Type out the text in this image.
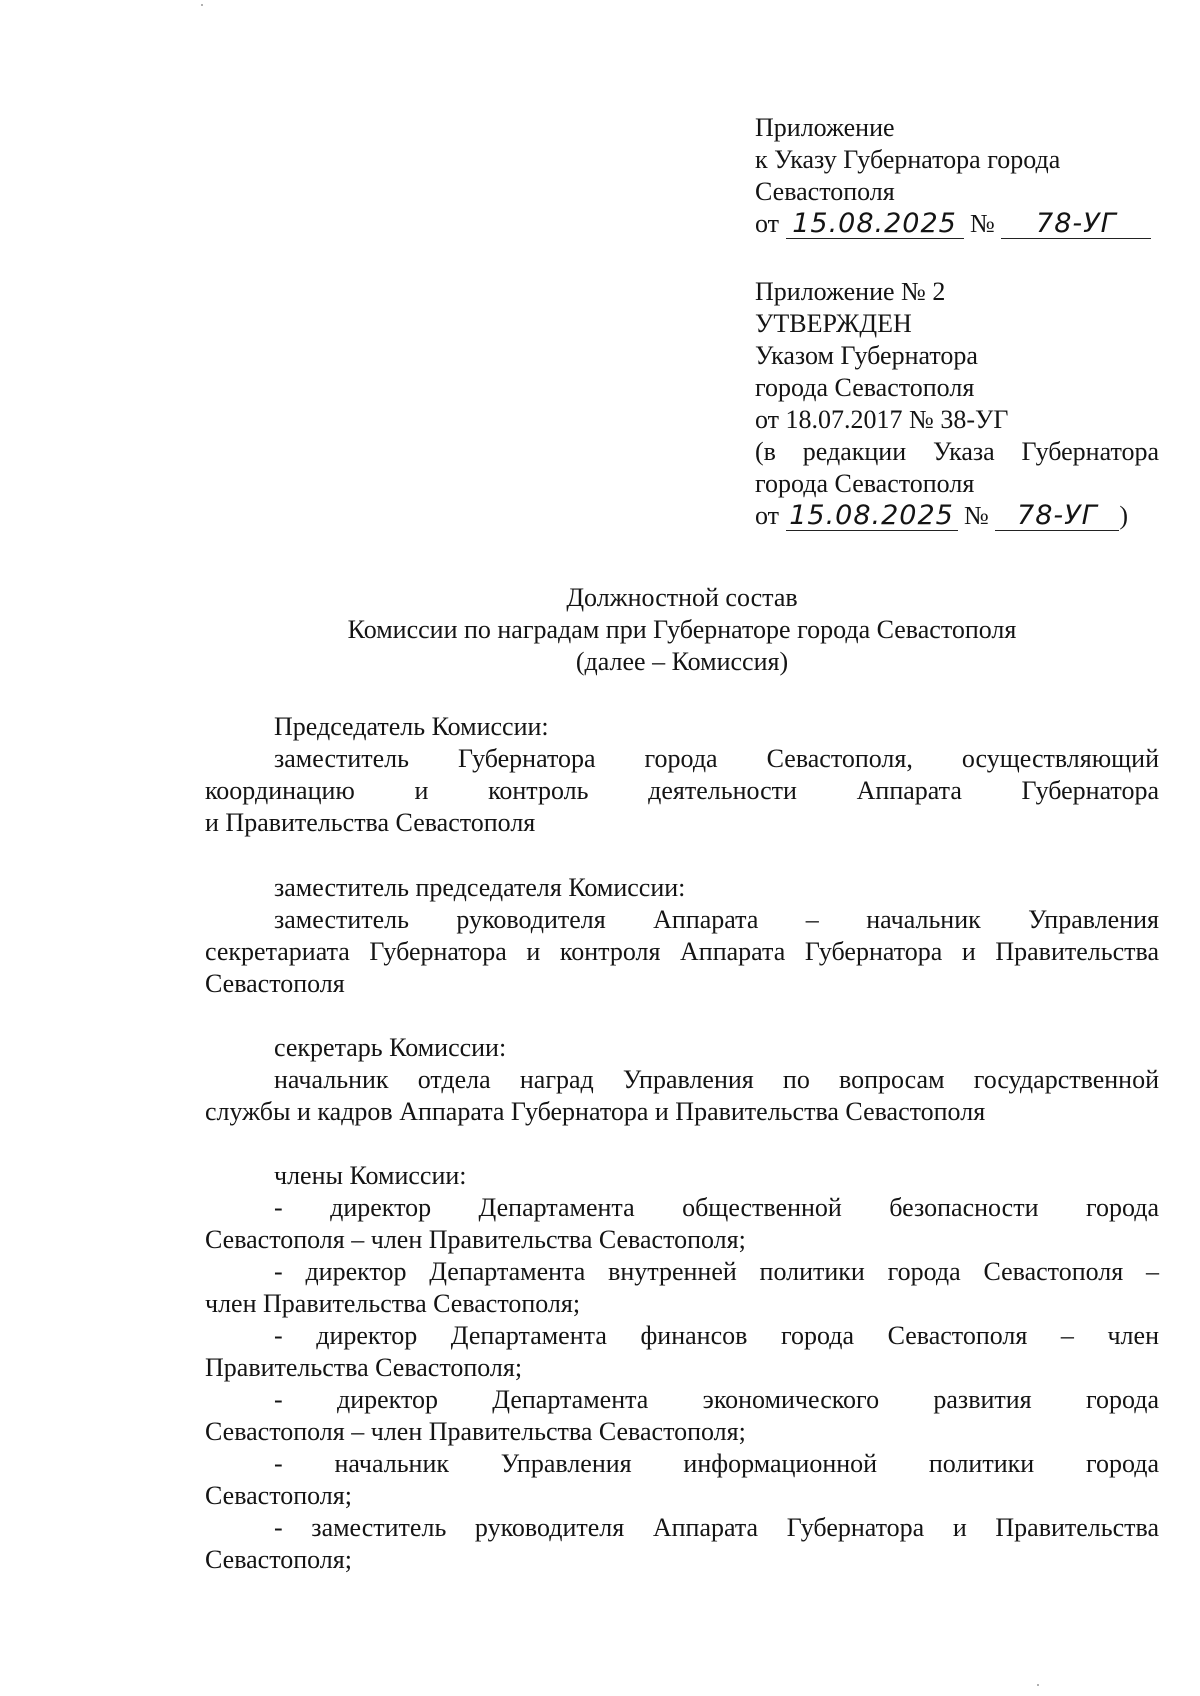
Приложение
к Указу Губернатора города
Севастополя
от 15.08.2025 № 78-УГ
Приложение № 2
УТВЕРЖДЕН
Указом Губернатора
города Севастополя
от 18.07.2017 № 38-УГ
(в редакции Указа Губернатора
города Севастополя
от 15.08.2025 № 78-УГ )
Должностной состав
Комиссии по наградам при Губернаторе города Севастополя
(далее – Комиссия)
Председатель Комиссии:
заместитель Губернатора города Севастополя, осуществляющий
координацию и контроль деятельности Аппарата Губернатора
и Правительства Севастополя
заместитель председателя Комиссии:
заместитель руководителя Аппарата – начальник Управления
секретариата Губернатора и контроля Аппарата Губернатора и Правительства
Севастополя
секретарь Комиссии:
начальник отдела наград Управления по вопросам государственной
службы и кадров Аппарата Губернатора и Правительства Севастополя
члены Комиссии:
- директор Департамента общественной безопасности города
Севастополя – член Правительства Севастополя;
- директор Департамента внутренней политики города Севастополя –
член Правительства Севастополя;
- директор Департамента финансов города Севастополя – член
Правительства Севастополя;
- директор Департамента экономического развития города
Севастополя – член Правительства Севастополя;
- начальник Управления информационной политики города
Севастополя;
- заместитель руководителя Аппарата Губернатора и Правительства
Севастополя;
